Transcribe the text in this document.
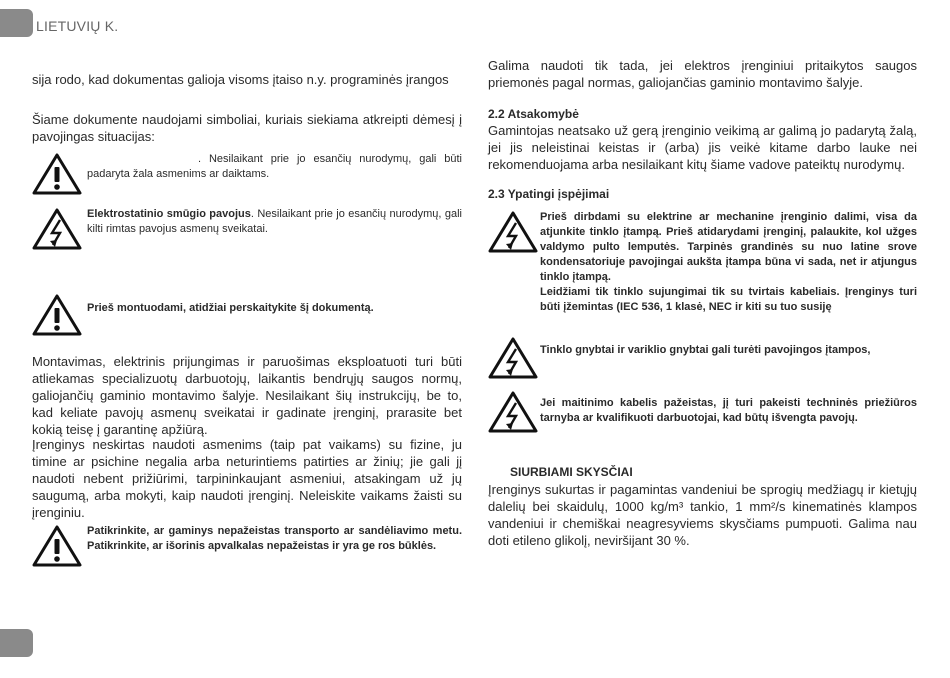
LIETUVIŲ K.

sija rodo, kad dokumentas galioja visoms įtaiso n.y. programinės įrangos

Šiame dokumente naudojami simboliai, kuriais siekiama atkreipti dėmesį į pavojingas situacijas:

. Nesilaikant prie jo esančių nurodymų, gali būti padaryta žala asmenims ar daiktams.

Elektrostatinio smūgio pavojus. Nesilaikant prie jo esančių nurodymų, gali kilti rimtas pavojus asmenų sveikatai.

Prieš montuodami, atidžiai perskaitykite šį dokumentą.

Montavimas, elektrinis prijungimas ir paruošimas eksploatuoti turi būti atliekamas specializuotų darbuotojų, laikantis bendrųjų saugos normų, galiojančių gaminio montavimo šalyje. Nesilaikant šių instrukcijų, be to, kad keliate pavojų asmenų sveikatai ir gadinate įrenginį, prarasite bet kokią teisę į garantinę apžiūrą.

Įrenginys neskirtas naudoti asmenims (taip pat vaikams) su fizine, ju timine ar psichine negalia arba neturintiems patirties ar žinių; jie gali jį naudoti nebent prižiūrimi, tarpininkaujant asmeniui, atsakingam už jų saugumą, arba mokyti, kaip naudoti įrenginį. Neleiskite vaikams žaisti su įrenginiu.

Patikrinkite, ar gaminys nepažeistas transporto ar sandėliavimo metu. Patikrinkite, ar išorinis apvalkalas nepažeistas ir yra ge ros būklės.

Galima naudoti tik tada, jei elektros įrenginiui pritaikytos saugos priemonės pagal normas, galiojančias gaminio montavimo šalyje.

2.2 Atsakomybė

Gamintojas neatsako už gerą įrenginio veikimą ar galimą jo padarytą žalą, jei jis neleistinai keistas ir (arba) jis veikė kitame darbo lauke nei rekomenduojama arba nesilaikant kitų šiame vadove pateiktų nurodymų.

2.3 Ypatingi įspėjimai

Prieš dirbdami su elektrine ar mechanine įrenginio dalimi, visa da atjunkite tinklo įtampą. Prieš atidarydami įrenginį, palaukite, kol užges valdymo pulto lemputės. Tarpinės grandinės su nuo latine srove kondensatoriuje pavojingai aukšta įtampa būna vi sada, net ir atjungus tinklo įtampą.
Leidžiami tik tinklo sujungimai tik su tvirtais kabeliais. Įrenginys turi būti įžemintas (IEC 536, 1 klasė, NEC ir kiti su tuo susiję

Tinklo gnybtai ir variklio gnybtai gali turėti pavojingos įtampos,

Jei maitinimo kabelis pažeistas, jį turi pakeisti techninės priežiūros tarnyba ar kvalifikuoti darbuotojai, kad būtų išvengta pavojų.

SIURBIAMI SKYSČIAI

Įrenginys sukurtas ir pagamintas vandeniui be sprogių medžiagų ir kietųjų dalelių bei skaidulų, 1000 kg/m³ tankio, 1 mm²/s kinematinės klampos vandeniui ir chemiškai neagresyviems skysčiams pumpuoti. Galima nau doti etileno glikolį, neviršijant 30 %.
